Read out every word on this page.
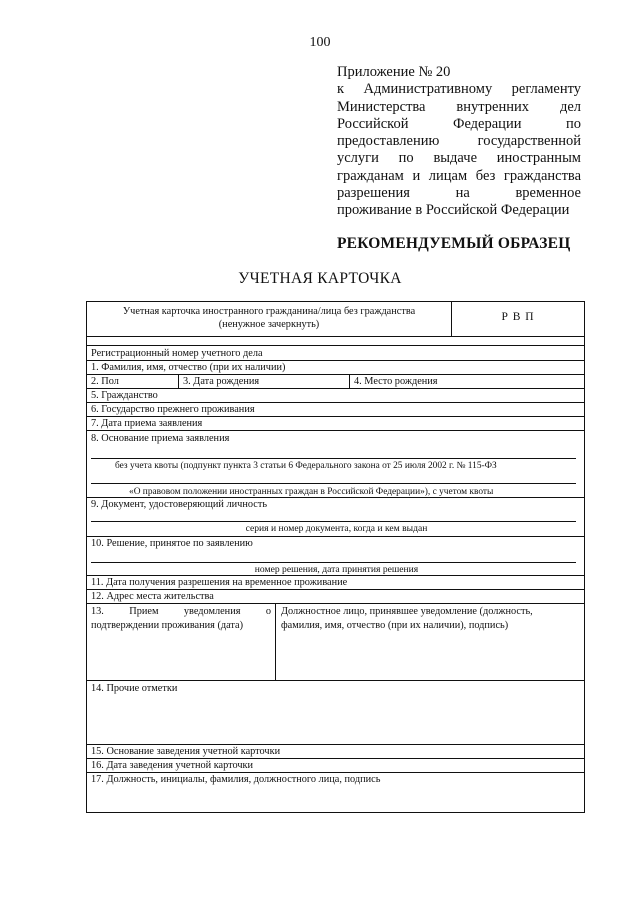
100
Приложение № 20
к Административному регламенту
Министерства внутренних дел
Российской Федерации по
предоставлению государственной
услуги по выдаче иностранным
гражданам и лицам без гражданства
разрешения на временное
проживание в Российской Федерации
РЕКОМЕНДУЕМЫЙ ОБРАЗЕЦ
УЧЕТНАЯ КАРТОЧКА
Учетная карточка иностранного гражданина/лица без гражданства
(ненужное зачеркнуть)
Р В П
Регистрационный номер учетного дела
1. Фамилия, имя, отчество (при их наличии)
2. Пол	3. Дата рождения	4. Место рождения
5. Гражданство
6. Государство прежнего проживания
7. Дата приема заявления
8. Основание приема заявления
без учета квоты (подпункт пункта 3 статьи 6 Федерального закона от 25 июля 2002 г. № 115-ФЗ
«О правовом положении иностранных граждан в Российской Федерации»), с учетом квоты
9. Документ, удостоверяющий личность
серия и номер документа, когда и кем выдан
10. Решение, принятое по заявлению
номер решения, дата принятия решения
11. Дата получения разрешения на временное проживание
12. Адрес места жительства
13. Прием уведомления о
подтверждении проживания (дата)
Должностное лицо, принявшее уведомление (должность,
фамилия, имя, отчество (при их наличии), подпись)
14. Прочие отметки
15. Основание заведения учетной карточки
16. Дата заведения учетной карточки
17. Должность, инициалы, фамилия, должностного лица, подпись
